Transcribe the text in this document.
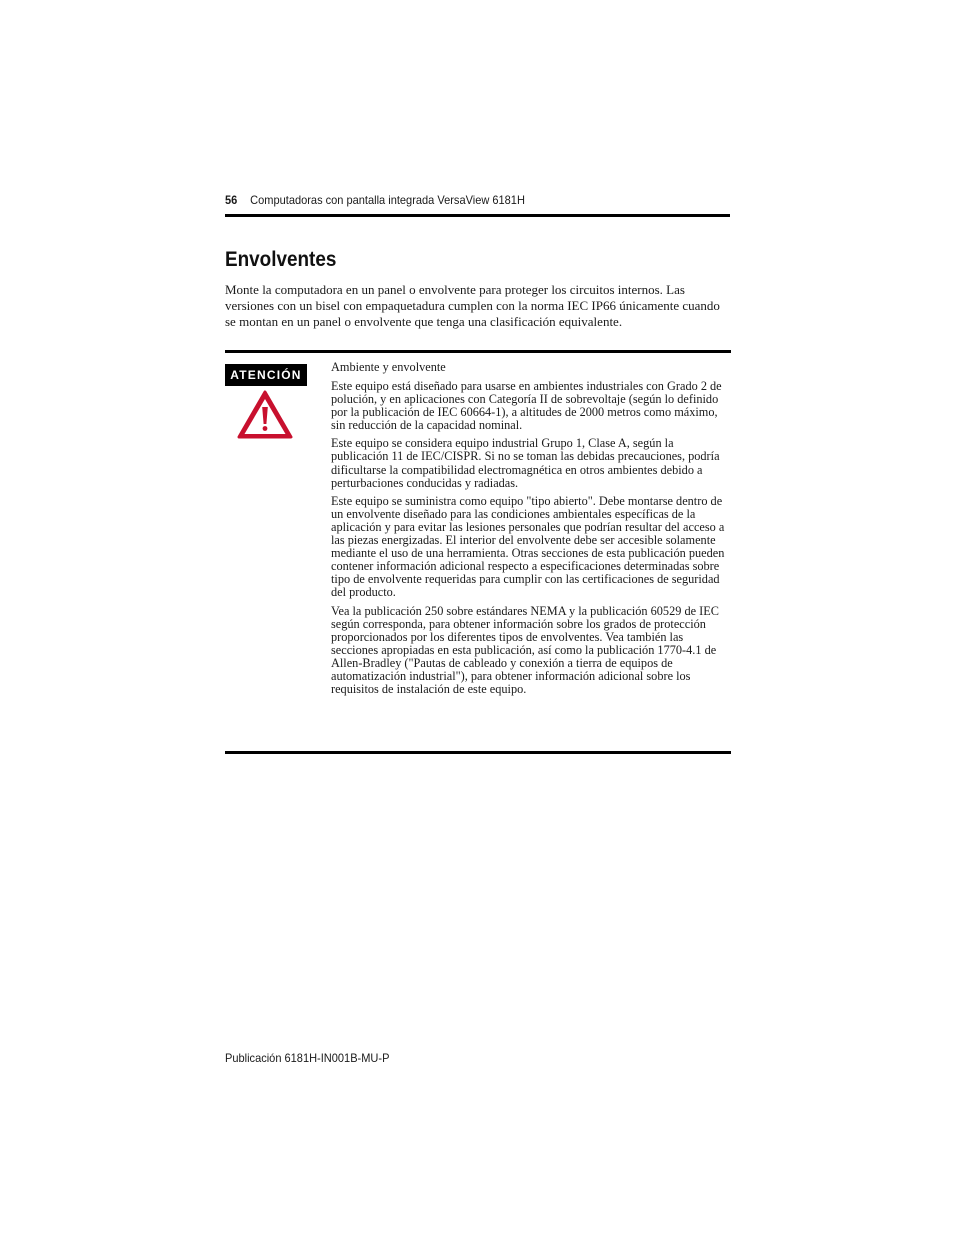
56 Computadoras con pantalla integrada VersaView 6181H
Envolventes

Monte la computadora en un panel o envolvente para proteger los circuitos internos. Las versiones con un bisel con empaquetadura cumplen con la norma IEC IP66 únicamente cuando se montan en un panel o envolvente que tenga una clasificación equivalente.

ATENCIÓN

Ambiente y envolvente

Este equipo está diseñado para usarse en ambientes industriales con Grado 2 de polución, y en aplicaciones con Categoría II de sobrevoltaje (según lo definido por la publicación de IEC 60664-1), a altitudes de 2000 metros como máximo, sin reducción de la capacidad nominal.

Este equipo se considera equipo industrial Grupo 1, Clase A, según la publicación 11 de IEC/CISPR. Si no se toman las debidas precauciones, podría dificultarse la compatibilidad electromagnética en otros ambientes debido a perturbaciones conducidas y radiadas.

Este equipo se suministra como equipo "tipo abierto". Debe montarse dentro de un envolvente diseñado para las condiciones ambientales específicas de la aplicación y para evitar las lesiones personales que podrían resultar del acceso a las piezas energizadas. El interior del envolvente debe ser accesible solamente mediante el uso de una herramienta. Otras secciones de esta publicación pueden contener información adicional respecto a especificaciones determinadas sobre tipo de envolvente requeridas para cumplir con las certificaciones de seguridad del producto.

Vea la publicación 250 sobre estándares NEMA y la publicación 60529 de IEC según corresponda, para obtener información sobre los grados de protección proporcionados por los diferentes tipos de envolventes. Vea también las secciones apropiadas en esta publicación, así como la publicación 1770-4.1 de Allen-Bradley ("Pautas de cableado y conexión a tierra de equipos de automatización industrial"), para obtener información adicional sobre los requisitos de instalación de este equipo.

Publicación 6181H-IN001B-MU-P
